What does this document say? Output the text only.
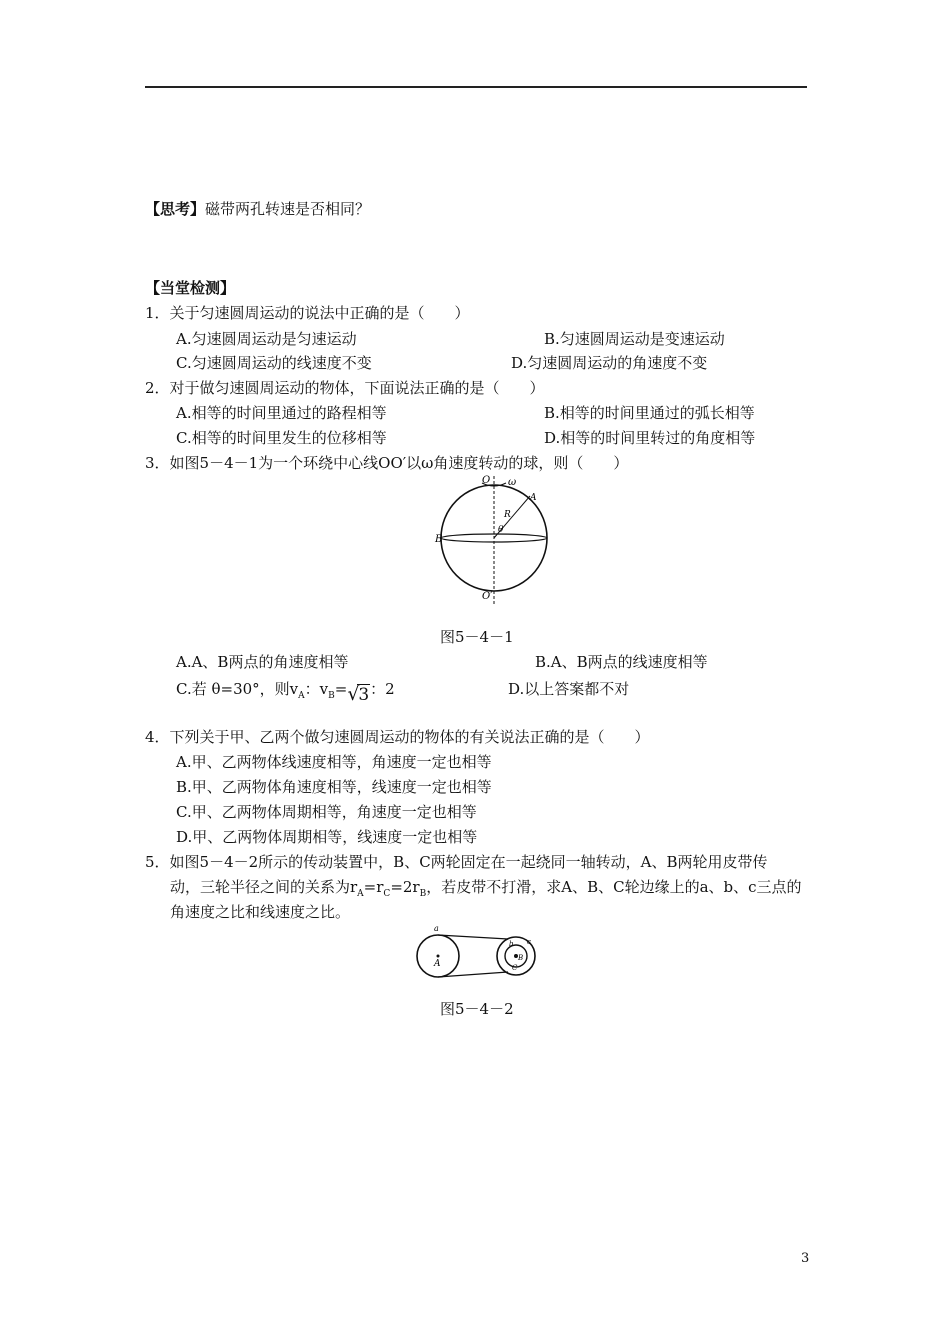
【思考】磁带两孔转速是否相同？
【当堂检测】
1．关于匀速圆周运动的说法中正确的是（　　）
A.匀速圆周运动是匀速运动	B.匀速圆周运动是变速运动
C.匀速圆周运动的线速度不变	D.匀速圆周运动的角速度不变
2．对于做匀速圆周运动的物体，下面说法正确的是（　　）
A.相等的时间里通过的路程相等	B.相等的时间里通过的弧长相等
C.相等的时间里发生的位移相等	D.相等的时间里转过的角度相等
3．如图5－4－1为一个环绕中心线OO′以ω角速度转动的球，则（　　）
O ω
A
R
θ
B
O′
图5－4－1
A.A、B两点的角速度相等	B.A、B两点的线速度相等
C.若 θ=30°，则$v_A$：$v_B=$ √
3：2	D.以上答案都不对
4．下列关于甲、乙两个做匀速圆周运动的物体的有关说法正确的是（　　）
A.甲、乙两物体线速度相等，角速度一定也相等
B.甲、乙两物体角速度相等，线速度一定也相等
C.甲、乙两物体周期相等，角速度一定也相等
D.甲、乙两物体周期相等，线速度一定也相等
5．如图5－4－2所示的传动装置中，B、C两轮固定在一起绕同一轴转动，A、B两轮用皮带传
动，三轮半径之间的关系为$r_A=r_C=2r_B$，若皮带不打滑，求A、B、C轮边缘上的a、b、c三点的
角速度之比和线速度之比。
a
A
b c
B
C
图5－4－2
3
